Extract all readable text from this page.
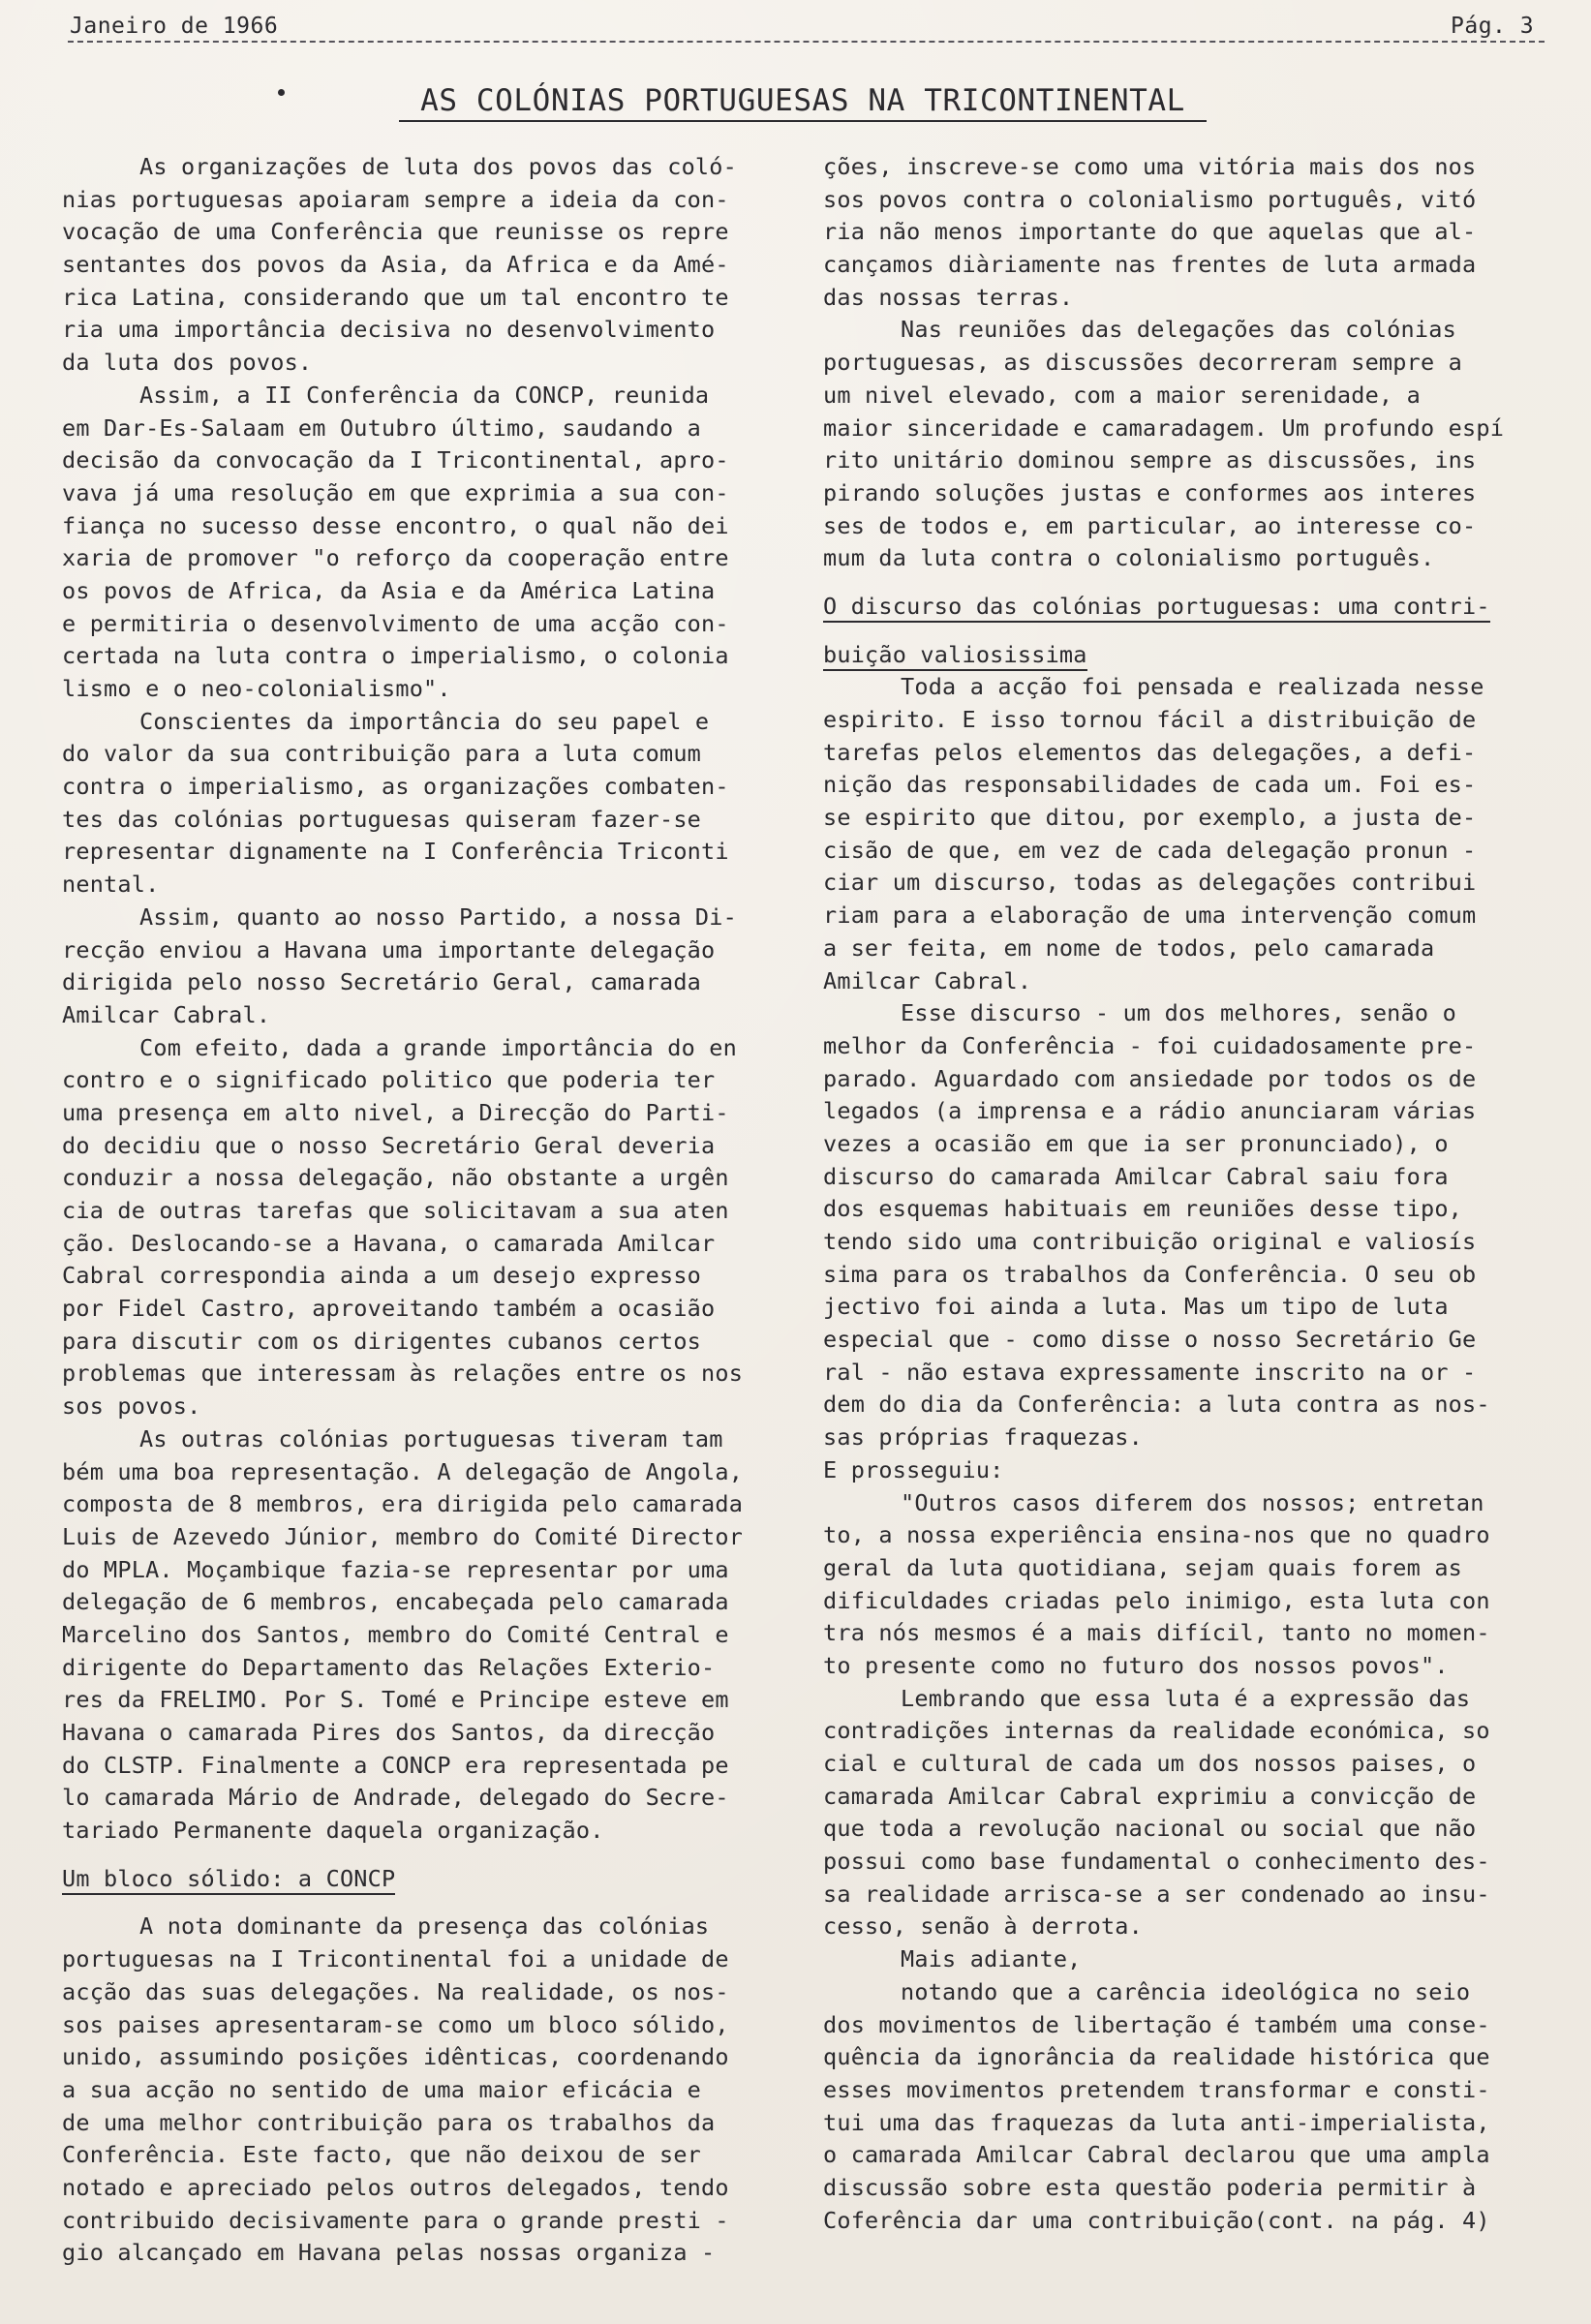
Janeiro de 1966	Pág. 3
AS COLÓNIAS PORTUGUESAS NA TRICONTINENTAL
As organizações de luta dos povos das coló-
nias portuguesas apoiaram sempre a ideia da con-
vocação de uma Conferência que reunisse os repre
sentantes dos povos da Asia, da Africa e da Amé-
rica Latina, considerando que um tal encontro te
ria uma importância decisiva no desenvolvimento
da luta dos povos.
Assim, a II Conferência da CONCP, reunida
em Dar-Es-Salaam em Outubro último, saudando a
decisão da convocação da I Tricontinental, apro-
vava já uma resolução em que exprimia a sua con-
fiança no sucesso desse encontro, o qual não dei
xaria de promover "o reforço da cooperação entre
os povos de Africa, da Asia e da América Latina
e permitiria o desenvolvimento de uma acção con-
certada na luta contra o imperialismo, o colonia
lismo e o neo-colonialismo".
Conscientes da importância do seu papel e
do valor da sua contribuição para a luta comum
contra o imperialismo, as organizações combaten-
tes das colónias portuguesas quiseram fazer-se
representar dignamente na I Conferência Triconti
nental.
Assim, quanto ao nosso Partido, a nossa Di-
recção enviou a Havana uma importante delegação
dirigida pelo nosso Secretário Geral, camarada
Amilcar Cabral.
Com efeito, dada a grande importância do en
contro e o significado politico que poderia ter
uma presença em alto nivel, a Direcção do Parti-
do decidiu que o nosso Secretário Geral deveria
conduzir a nossa delegação, não obstante a urgên
cia de outras tarefas que solicitavam a sua aten
ção. Deslocando-se a Havana, o camarada Amilcar
Cabral correspondia ainda a um desejo expresso
por Fidel Castro, aproveitando também a ocasião
para discutir com os dirigentes cubanos certos
problemas que interessam às relações entre os nos
sos povos.
As outras colónias portuguesas tiveram tam
bém uma boa representação. A delegação de Angola,
composta de 8 membros, era dirigida pelo camarada
Luis de Azevedo Júnior, membro do Comité Director
do MPLA. Moçambique fazia-se representar por uma
delegação de 6 membros, encabeçada pelo camarada
Marcelino dos Santos, membro do Comité Central e
dirigente do Departamento das Relações Exterio-
res da FRELIMO. Por S. Tomé e Principe esteve em
Havana o camarada Pires dos Santos, da direcção
do CLSTP. Finalmente a CONCP era representada pe
lo camarada Mário de Andrade, delegado do Secre-
tariado Permanente daquela organização.
Um bloco sólido: a CONCP
A nota dominante da presença das colónias
portuguesas na I Tricontinental foi a unidade de
acção das suas delegações. Na realidade, os nos-
sos paises apresentaram-se como um bloco sólido,
unido, assumindo posições idênticas, coordenando
a sua acção no sentido de uma maior eficácia e
de uma melhor contribuição para os trabalhos da
Conferência. Este facto, que não deixou de ser
notado e apreciado pelos outros delegados, tendo
contribuido decisivamente para o grande presti -
gio alcançado em Havana pelas nossas organiza -
ções, inscreve-se como uma vitória mais dos nos
sos povos contra o colonialismo português, vitó
ria não menos importante do que aquelas que al-
cançamos diàriamente nas frentes de luta armada
das nossas terras.
Nas reuniões das delegações das colónias
portuguesas, as discussões decorreram sempre a
um nivel elevado, com a maior serenidade, a
maior sinceridade e camaradagem. Um profundo espí
rito unitário dominou sempre as discussões, ins
pirando soluções justas e conformes aos interes
ses de todos e, em particular, ao interesse co-
mum da luta contra o colonialismo português.
O discurso das colónias portuguesas: uma contri-
buição valiosissima
Toda a acção foi pensada e realizada nesse
espirito. E isso tornou fácil a distribuição de
tarefas pelos elementos das delegações, a defi-
nição das responsabilidades de cada um. Foi es-
se espirito que ditou, por exemplo, a justa de-
cisão de que, em vez de cada delegação pronun -
ciar um discurso, todas as delegações contribui
riam para a elaboração de uma intervenção comum
a ser feita, em nome de todos, pelo camarada
Amilcar Cabral.
Esse discurso - um dos melhores, senão o
melhor da Conferência - foi cuidadosamente pre-
parado. Aguardado com ansiedade por todos os de
legados (a imprensa e a rádio anunciaram várias
vezes a ocasião em que ia ser pronunciado), o
discurso do camarada Amilcar Cabral saiu fora
dos esquemas habituais em reuniões desse tipo,
tendo sido uma contribuição original e valiosís
sima para os trabalhos da Conferência. O seu ob
jectivo foi ainda a luta. Mas um tipo de luta
especial que - como disse o nosso Secretário Ge
ral - não estava expressamente inscrito na or -
dem do dia da Conferência: a luta contra as nos-
sas próprias fraquezas.
E prosseguiu:
"Outros casos diferem dos nossos; entretan
to, a nossa experiência ensina-nos que no quadro
geral da luta quotidiana, sejam quais forem as
dificuldades criadas pelo inimigo, esta luta con
tra nós mesmos é a mais difícil, tanto no momen-
to presente como no futuro dos nossos povos".
Lembrando que essa luta é a expressão das
contradições internas da realidade económica, so
cial e cultural de cada um dos nossos paises, o
camarada Amilcar Cabral exprimiu a convicção de
que toda a revolução nacional ou social que não
possui como base fundamental o conhecimento des-
sa realidade arrisca-se a ser condenado ao insu-
cesso, senão à derrota.
Mais adiante,
notando que a carência ideológica no seio
dos movimentos de libertação é também uma conse-
quência da ignorância da realidade histórica que
esses movimentos pretendem transformar e consti-
tui uma das fraquezas da luta anti-imperialista,
o camarada Amilcar Cabral declarou que uma ampla
discussão sobre esta questão poderia permitir à
Coferência dar uma contribuição(cont. na pág. 4)
